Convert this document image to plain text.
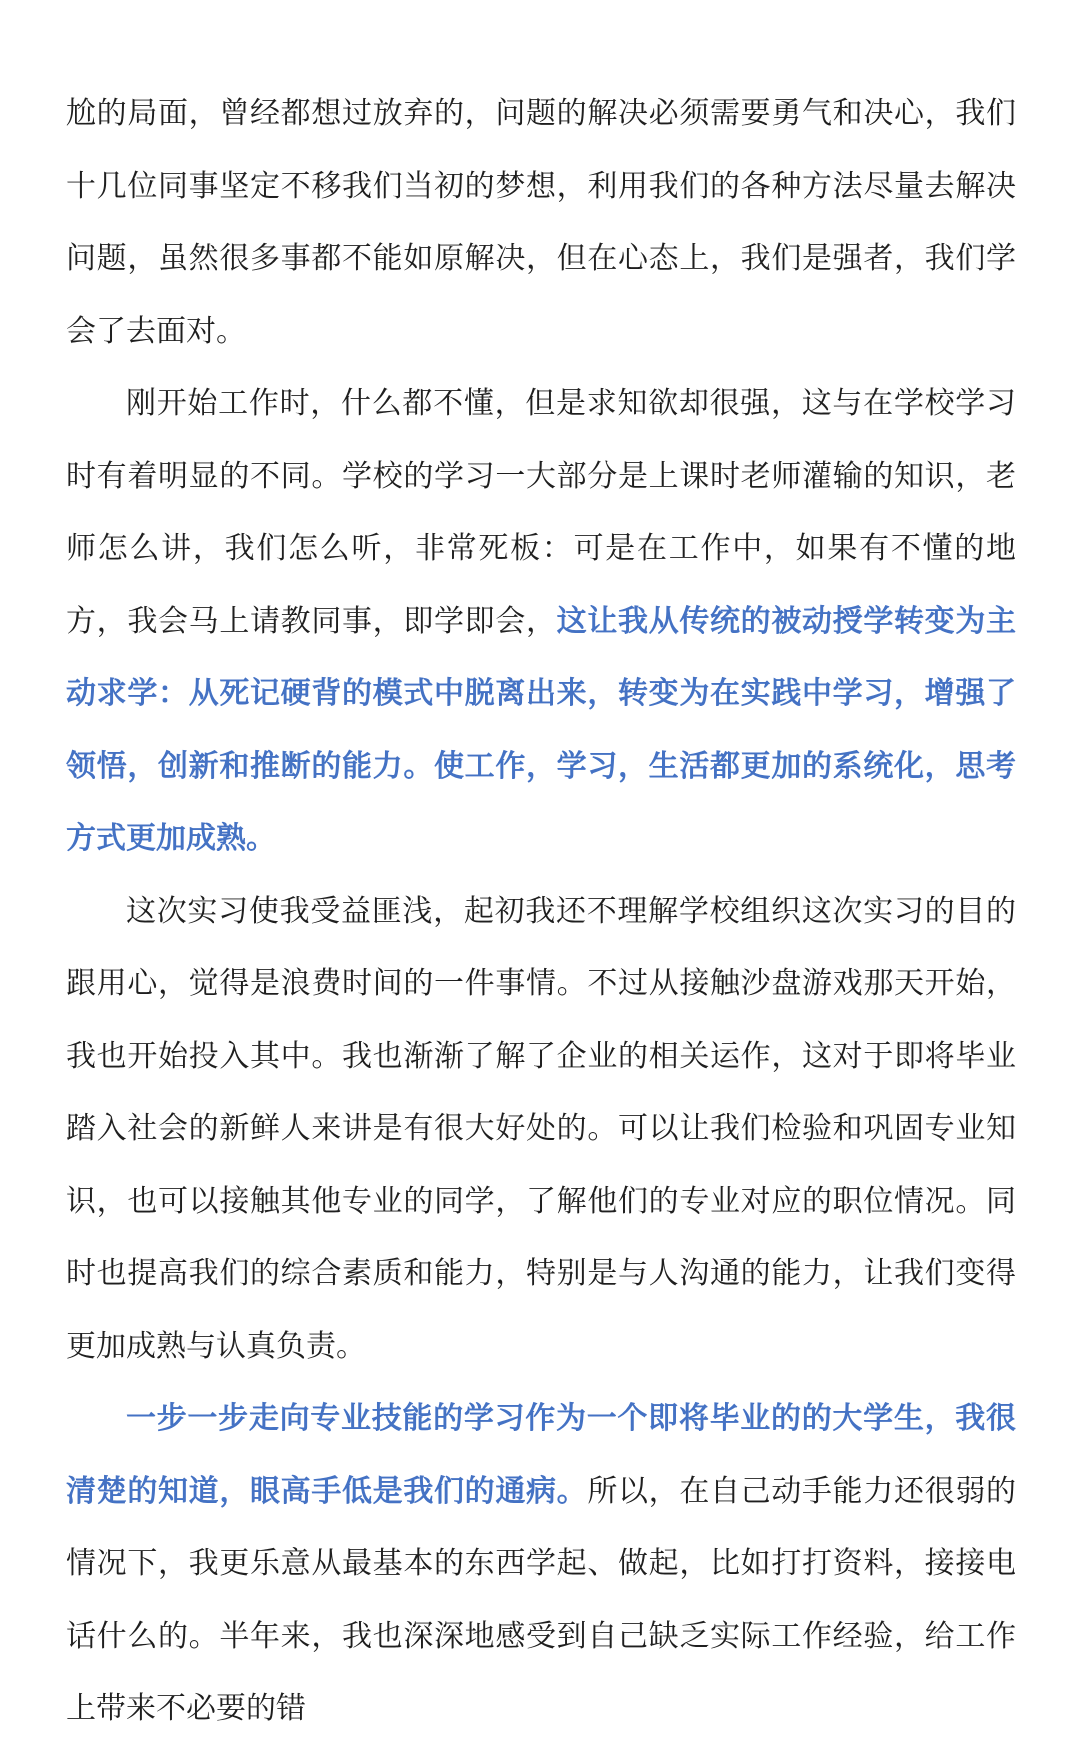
尬的局面，曾经都想过放弃的，问题的解决必须需要勇气和决心，我们十几位同事坚定不移我们当初的梦想，利用我们的各种方法尽量去解决问题，虽然很多事都不能如原解决，但在心态上，我们是强者，我们学会了去面对。

刚开始工作时，什么都不懂，但是求知欲却很强，这与在学校学习时有着明显的不同。学校的学习一大部分是上课时老师灌输的知识，老师怎么讲，我们怎么听，非常死板：可是在工作中，如果有不懂的地方，我会马上请教同事，即学即会，这让我从传统的被动授学转变为主动求学：从死记硬背的模式中脱离出来，转变为在实践中学习，增强了领悟，创新和推断的能力。使工作，学习，生活都更加的系统化，思考方式更加成熟。

这次实习使我受益匪浅，起初我还不理解学校组织这次实习的目的跟用心，觉得是浪费时间的一件事情。不过从接触沙盘游戏那天开始，我也开始投入其中。我也渐渐了解了企业的相关运作，这对于即将毕业踏入社会的新鲜人来讲是有很大好处的。可以让我们检验和巩固专业知识，也可以接触其他专业的同学，了解他们的专业对应的职位情况。同时也提高我们的综合素质和能力，特别是与人沟通的能力，让我们变得更加成熟与认真负责。

一步一步走向专业技能的学习作为一个即将毕业的的大学生，我很清楚的知道，眼高手低是我们的通病。所以，在自己动手能力还很弱的情况下，我更乐意从最基本的东西学起、做起，比如打打资料，接接电话什么的。半年来，我也深深地感受到自己缺乏实际工作经验，给工作上带来不必要的错
